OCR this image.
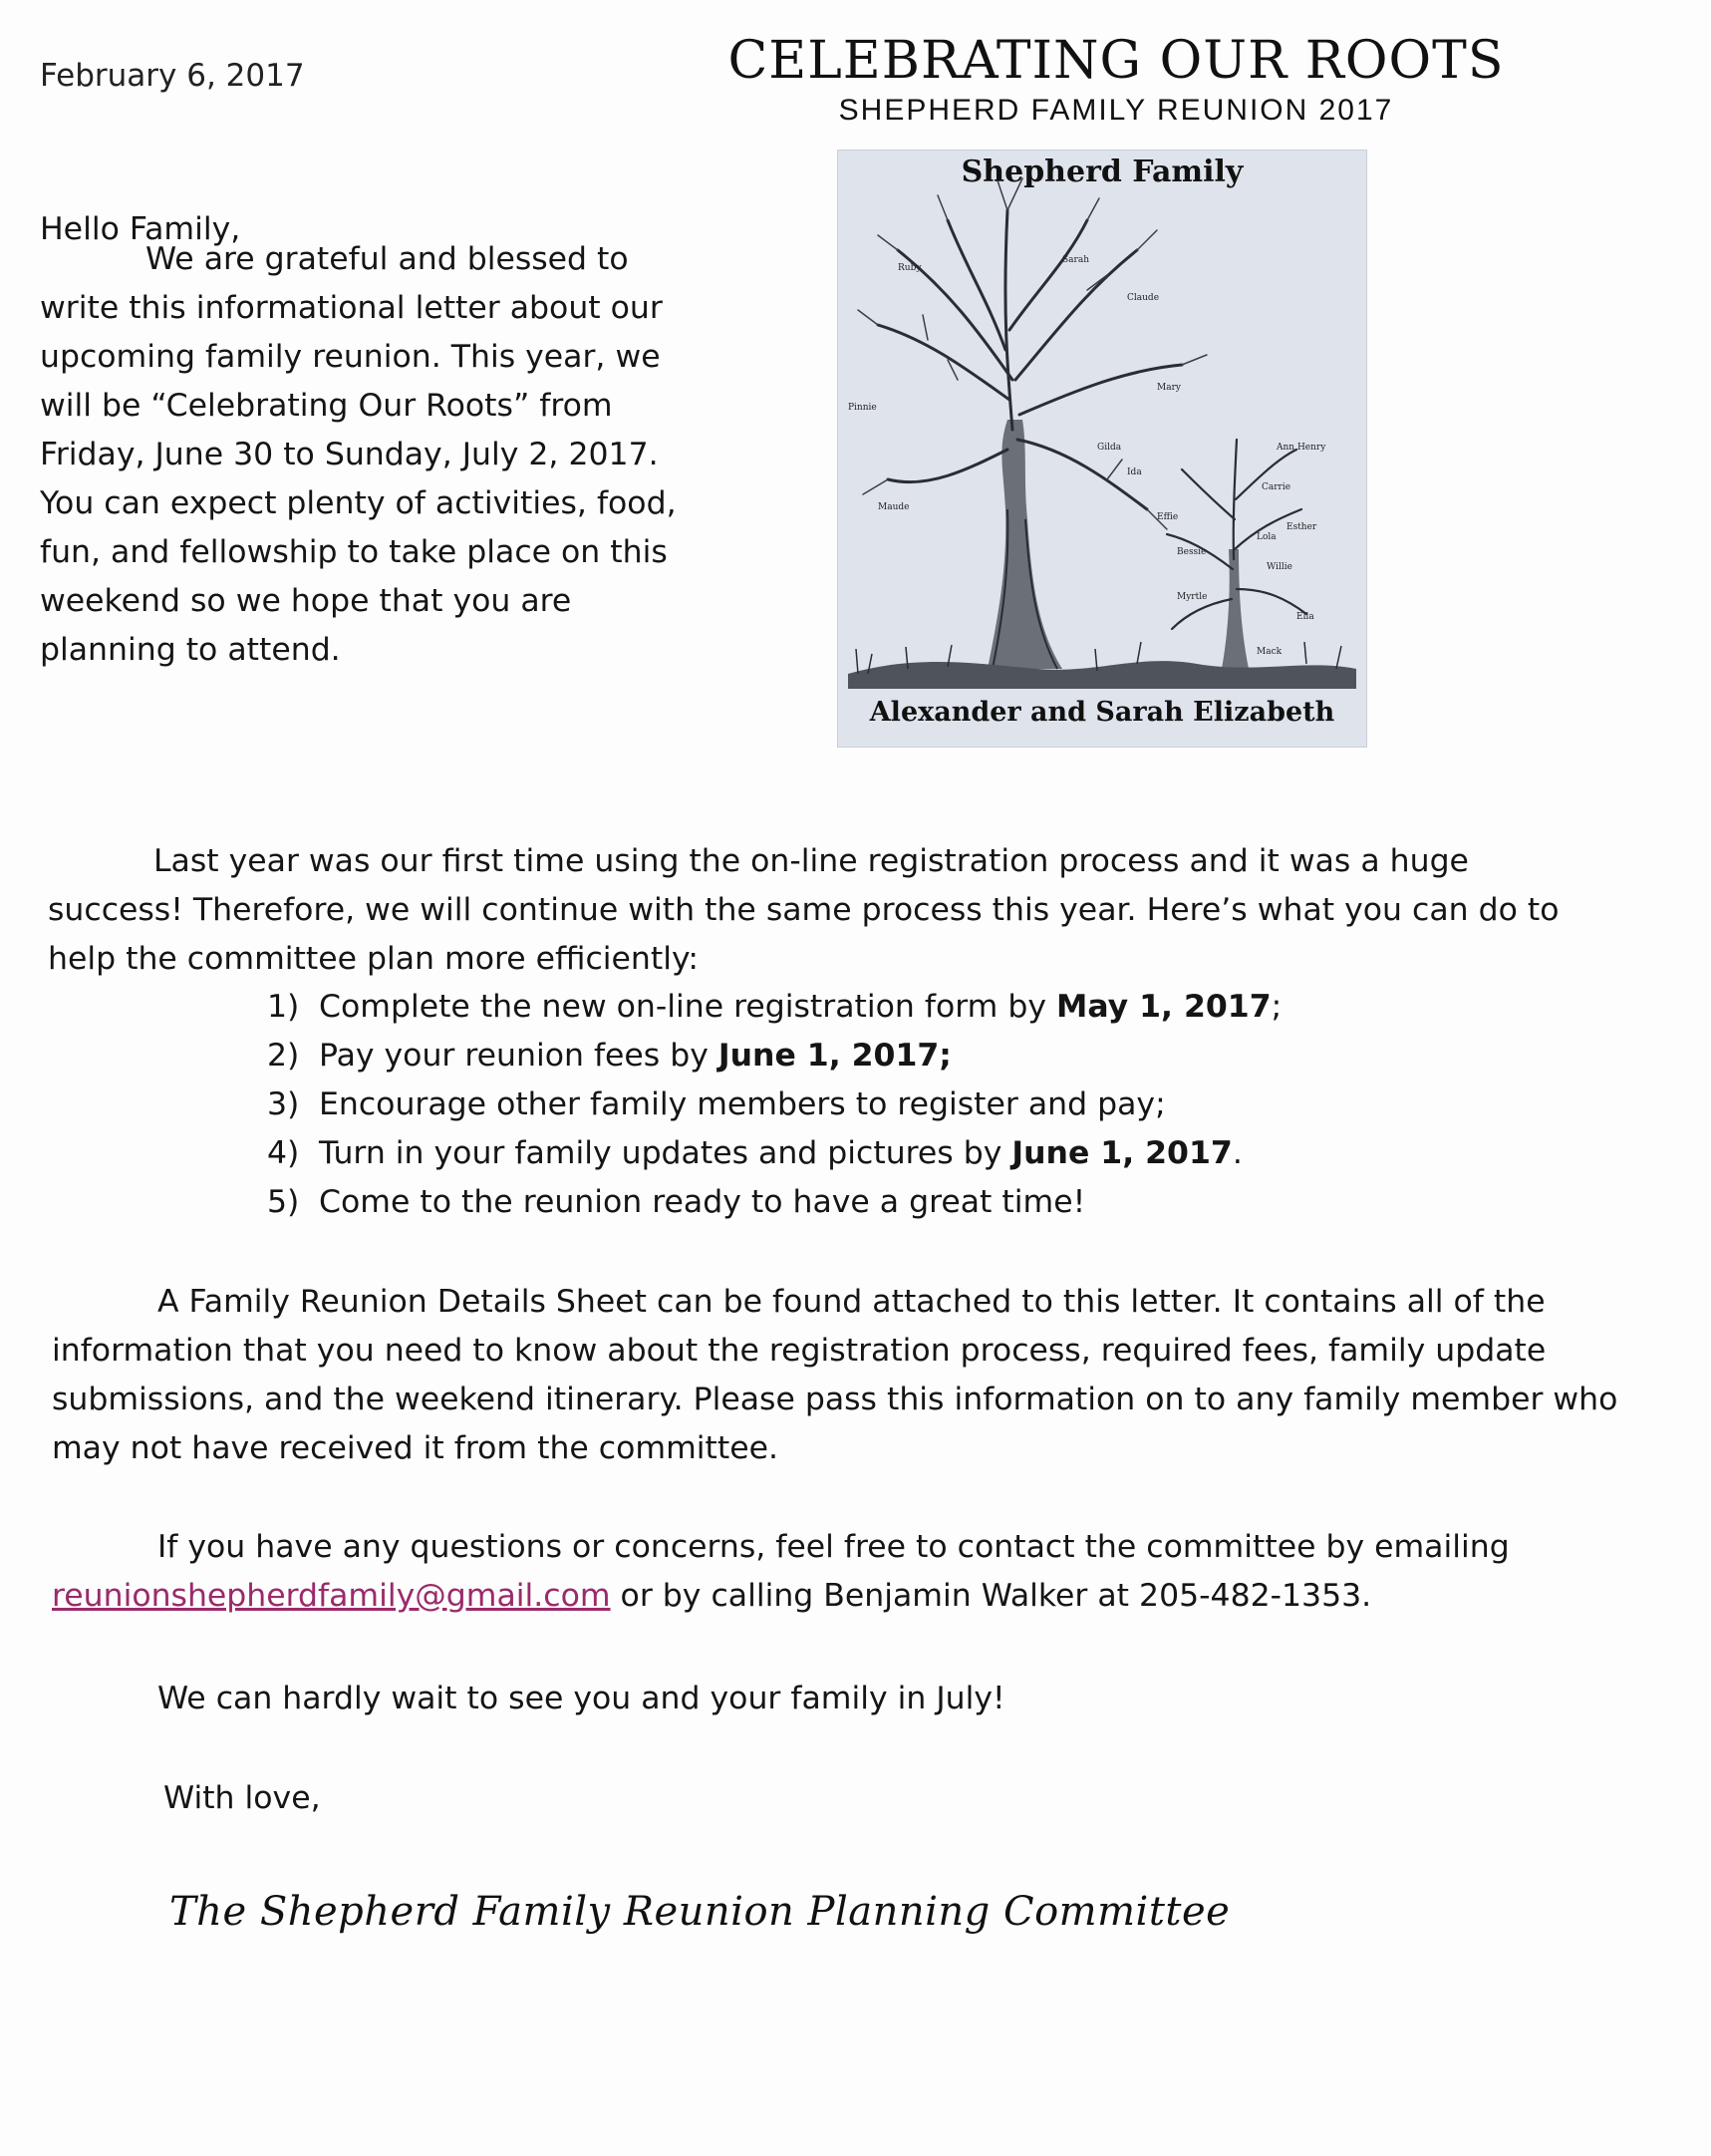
February 6, 2017	CELEBRATING OUR ROOTS
SHEPHERD FAMILY REUNION 2017
Ruby
Sarah
Claude
Mary
Pinnie
Maude
Gilda
Ida
Effie
Bessie
Ann Henry
Carrie
Lola
Esther
Myrtle
Willie
Ella
Mack
Shepherd Family
Alexander and Sarah Elizabeth
Hello Family,
We are grateful and blessed to write this informational letter about our upcoming family reunion. This year, we will be “Celebrating Our Roots” from Friday, June 30 to Sunday, July 2, 2017. You can expect plenty of activities, food, fun, and fellowship to take place on this weekend so we hope that you are planning to attend.
Last year was our first time using the on-line registration process and it was a huge success! Therefore, we will continue with the same process this year. Here’s what you can do to help the committee plan more efficiently:
1) Complete the new on-line registration form by May 1, 2017;
2) Pay your reunion fees by June 1, 2017;
3) Encourage other family members to register and pay;
4) Turn in your family updates and pictures by June 1, 2017.
5) Come to the reunion ready to have a great time!
A Family Reunion Details Sheet can be found attached to this letter. It contains all of the information that you need to know about the registration process, required fees, family update submissions, and the weekend itinerary. Please pass this information on to any family member who may not have received it from the committee.
If you have any questions or concerns, feel free to contact the committee by emailing
reunionshepherdfamily@gmail.com or by calling Benjamin Walker at 205-482-1353.
We can hardly wait to see you and your family in July!
With love,
The Shepherd Family Reunion Planning Committee
